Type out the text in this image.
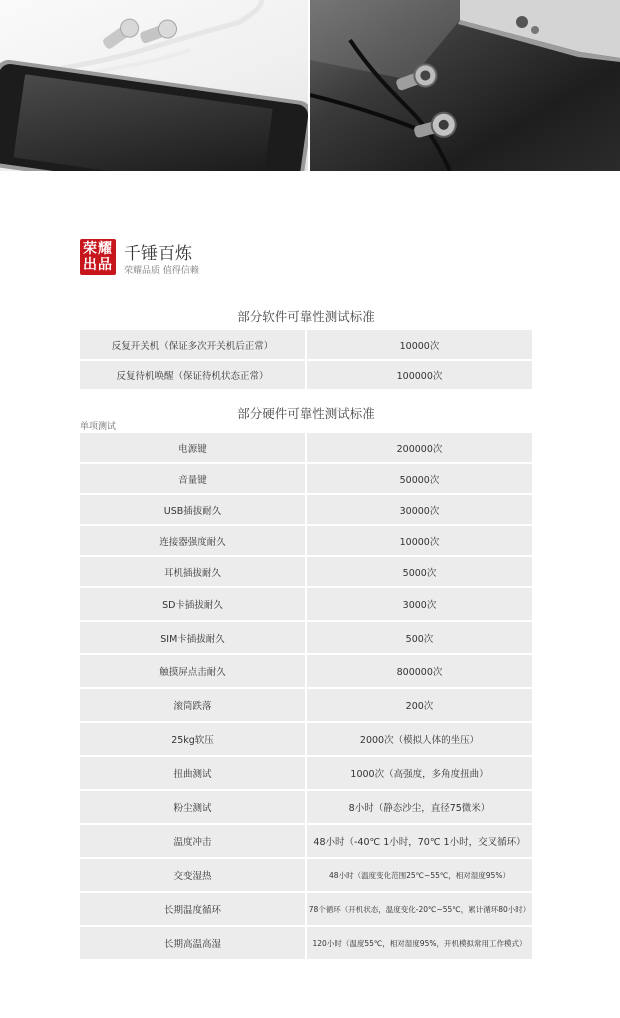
荣耀
出品
千锤百炼
荣耀品质 值得信赖
部分软件可靠性测试标准
反复开关机（保证多次开关机后正常）	10000次
反复待机唤醒（保证待机状态正常）	100000次
部分硬件可靠性测试标准
单项测试
电源键	200000次
音量键	50000次
USB插拔耐久	30000次
连接器强度耐久	10000次
耳机插拔耐久	5000次
SD卡插拔耐久	3000次
SIM卡插拔耐久	500次
触摸屏点击耐久	800000次
滚筒跌落	200次
25kg软压	2000次（模拟人体的坐压）
扭曲测试	1000次（高强度，多角度扭曲）
粉尘测试	8小时（静态沙尘，直径75微米）
温度冲击	48小时（-40℃ 1小时，70℃ 1小时，交叉循环）
交变湿热	48小时（温度变化范围25℃~55℃，相对湿度95%）
长期温度循环	78个循环（开机状态，温度变化-20℃~55℃，累计循环80小时）
长期高温高湿	120小时（温度55℃，相对湿度95%，开机模拟常用工作模式）
